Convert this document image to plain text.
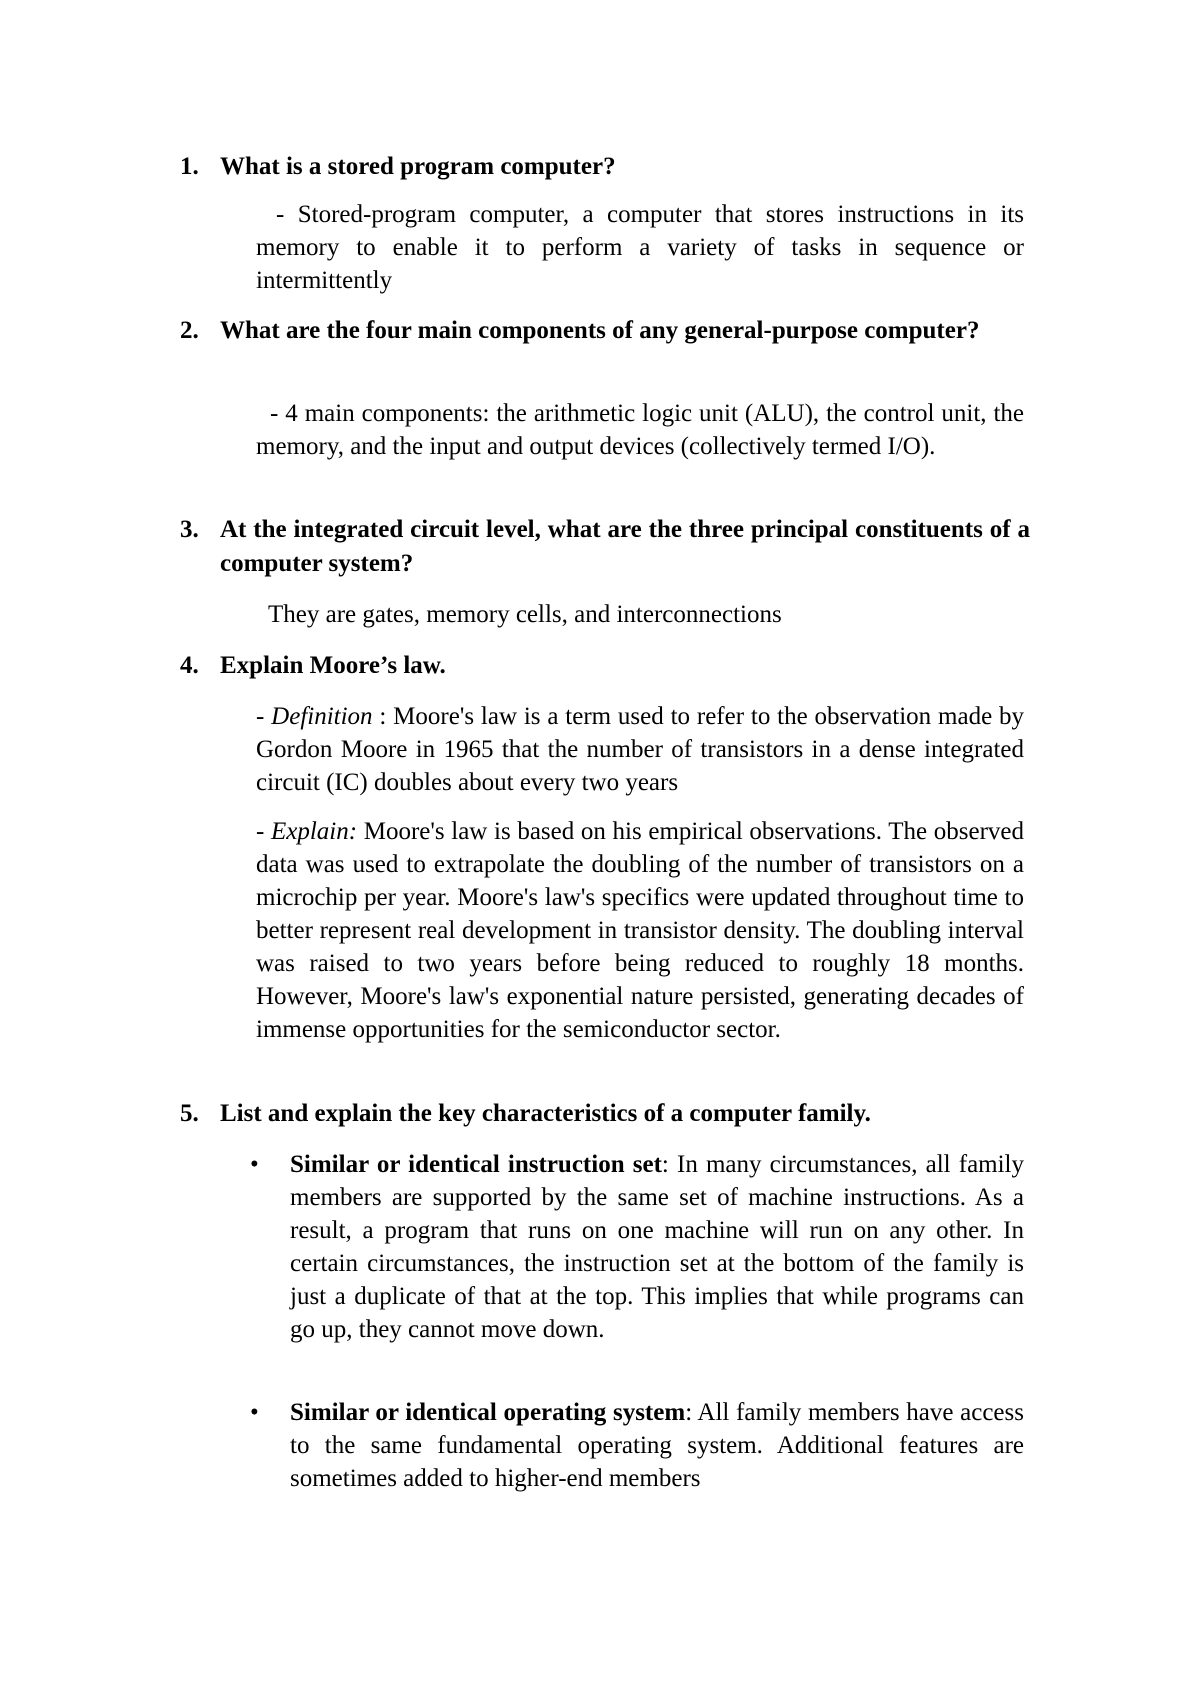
1. What is a stored program computer?
- Stored-program computer, a computer that stores instructions in its memory to enable it to perform a variety of tasks in sequence or intermittently
2. What are the four main components of any general-purpose computer?
- 4 main components: the arithmetic logic unit (ALU), the control unit, the memory, and the input and output devices (collectively termed I/O).
3. At the integrated circuit level, what are the three principal constituents of a computer system?
They are gates, memory cells, and interconnections
4. Explain Moore’s law.
- Definition : Moore's law is a term used to refer to the observation made by Gordon Moore in 1965 that the number of transistors in a dense integrated circuit (IC) doubles about every two years
- Explain: Moore's law is based on his empirical observations. The observed data was used to extrapolate the doubling of the number of transistors on a microchip per year. Moore's law's specifics were updated throughout time to better represent real development in transistor density. The doubling interval was raised to two years before being reduced to roughly 18 months. However, Moore's law's exponential nature persisted, generating decades of immense opportunities for the semiconductor sector.
5. List and explain the key characteristics of a computer family.
• Similar or identical instruction set: In many circumstances, all family members are supported by the same set of machine instructions. As a result, a program that runs on one machine will run on any other. In certain circumstances, the instruction set at the bottom of the family is just a duplicate of that at the top. This implies that while programs can go up, they cannot move down.
• Similar or identical operating system: All family members have access to the same fundamental operating system. Additional features are sometimes added to higher-end members
